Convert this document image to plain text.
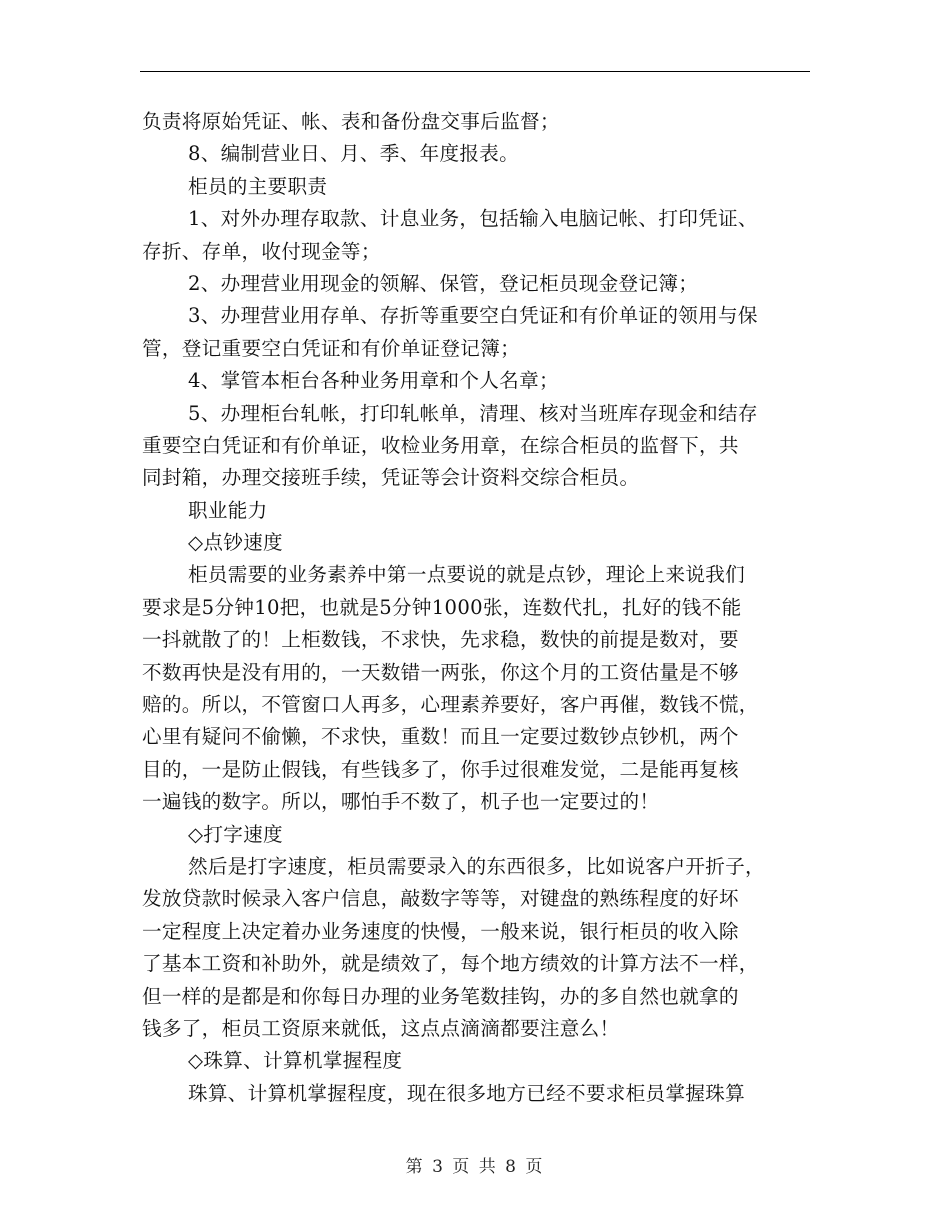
负责将原始凭证、帐、表和备份盘交事后监督；
8、编制营业日、月、季、年度报表。
柜员的主要职责
1、对外办理存取款、计息业务，包括输入电脑记帐、打印凭证、
存折、存单，收付现金等；
2、办理营业用现金的领解、保管，登记柜员现金登记簿；
3、办理营业用存单、存折等重要空白凭证和有价单证的领用与保
管，登记重要空白凭证和有价单证登记簿；
4、掌管本柜台各种业务用章和个人名章；
5、办理柜台轧帐，打印轧帐单，清理、核对当班库存现金和结存
重要空白凭证和有价单证，收检业务用章，在综合柜员的监督下，共
同封箱，办理交接班手续，凭证等会计资料交综合柜员。
职业能力
◇点钞速度
柜员需要的业务素养中第一点要说的就是点钞，理论上来说我们
要求是5分钟10把，也就是5分钟1000张，连数代扎，扎好的钱不能
一抖就散了的！上柜数钱，不求快，先求稳，数快的前提是数对，要
不数再快是没有用的，一天数错一两张，你这个月的工资估量是不够
赔的。所以，不管窗口人再多，心理素养要好，客户再催，数钱不慌，
心里有疑问不偷懒，不求快，重数！而且一定要过数钞点钞机，两个
目的，一是防止假钱，有些钱多了，你手过很难发觉，二是能再复核
一遍钱的数字。所以，哪怕手不数了，机子也一定要过的！
◇打字速度
然后是打字速度，柜员需要录入的东西很多，比如说客户开折子，
发放贷款时候录入客户信息，敲数字等等，对键盘的熟练程度的好坏
一定程度上决定着办业务速度的快慢，一般来说，银行柜员的收入除
了基本工资和补助外，就是绩效了，每个地方绩效的计算方法不一样，
但一样的是都是和你每日办理的业务笔数挂钩，办的多自然也就拿的
钱多了，柜员工资原来就低，这点点滴滴都要注意么！
◇珠算、计算机掌握程度
珠算、计算机掌握程度，现在很多地方已经不要求柜员掌握珠算
第 3 页 共 8 页
